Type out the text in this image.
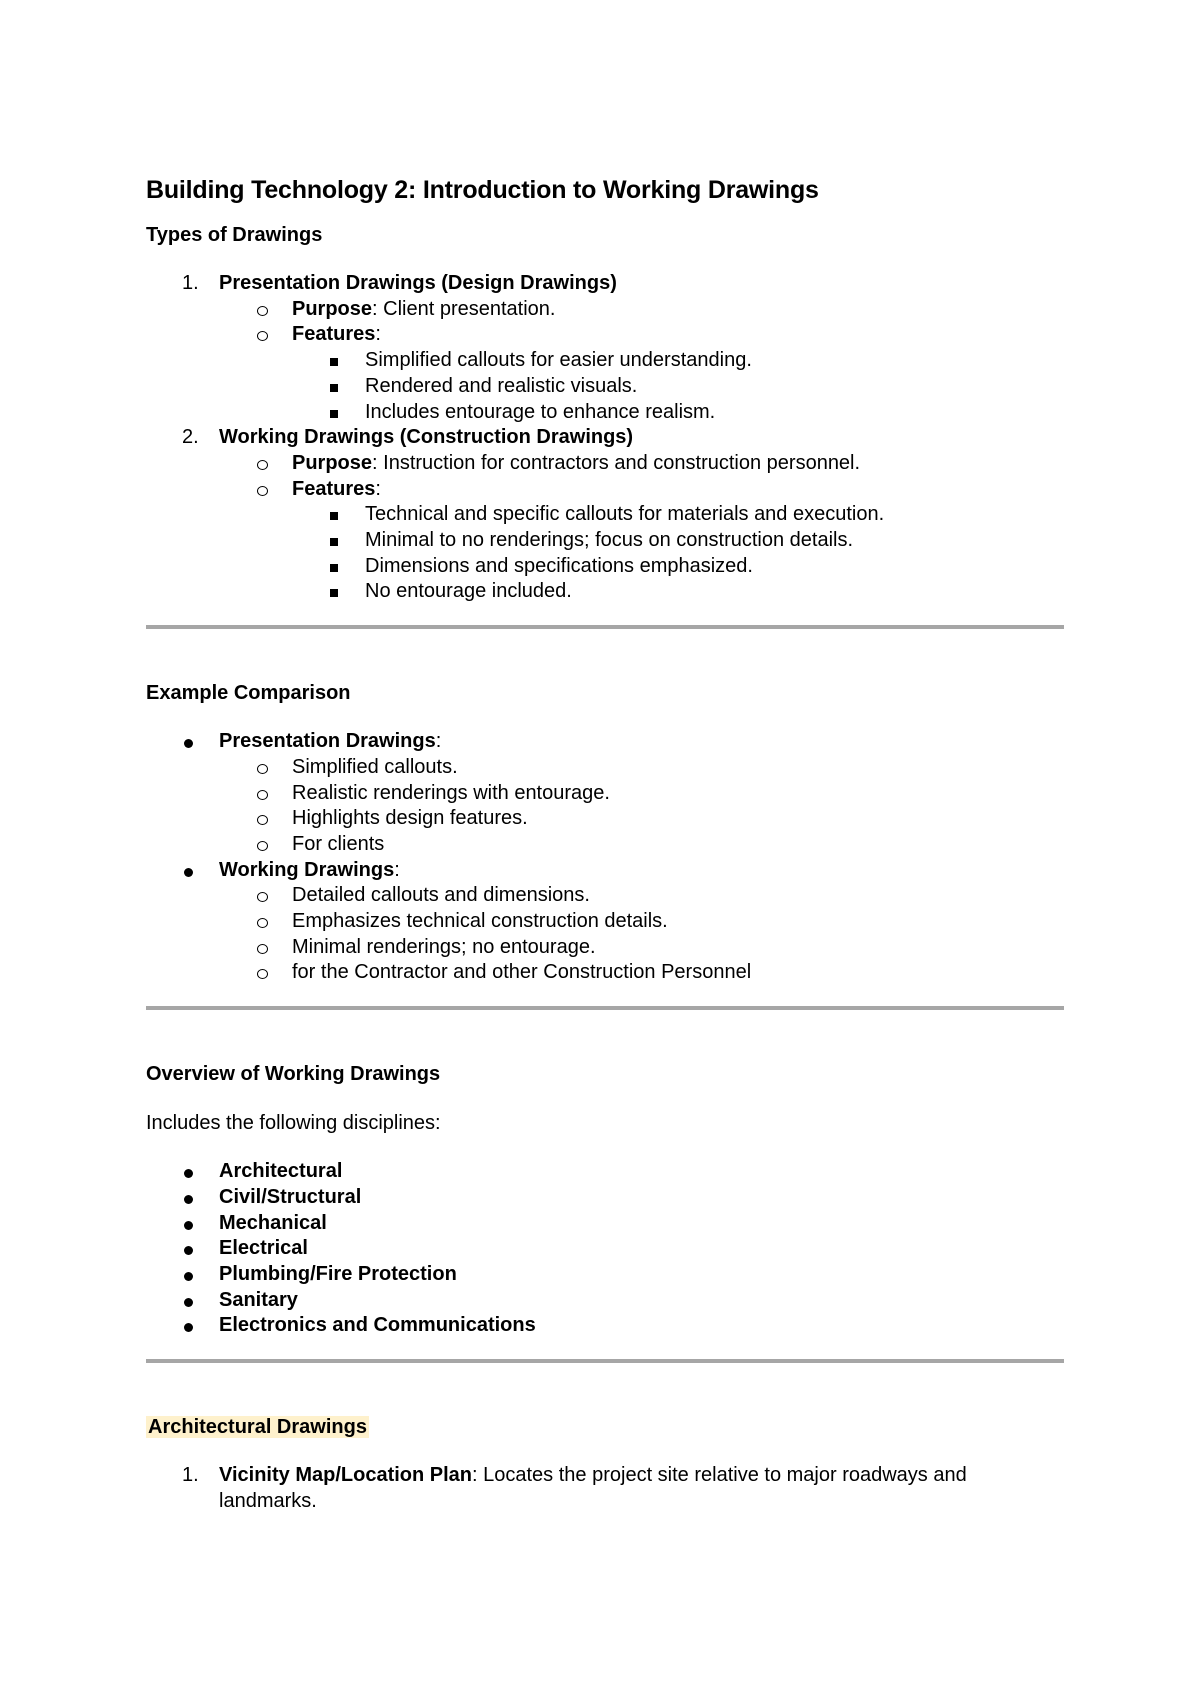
Building Technology 2: Introduction to Working Drawings
Types of Drawings
1.	Presentation Drawings (Design Drawings)
Purpose: Client presentation.
Features:
Simplified callouts for easier understanding.
Rendered and realistic visuals.
Includes entourage to enhance realism.
2.	Working Drawings (Construction Drawings)
Purpose: Instruction for contractors and construction personnel.
Features:
Technical and specific callouts for materials and execution.
Minimal to no renderings; focus on construction details.
Dimensions and specifications emphasized.
No entourage included.
Example Comparison
Presentation Drawings:
Simplified callouts.
Realistic renderings with entourage.
Highlights design features.
For clients
Working Drawings:
Detailed callouts and dimensions.
Emphasizes technical construction details.
Minimal renderings; no entourage.
for the Contractor and other Construction Personnel
Overview of Working Drawings

Includes the following disciplines:

Architectural
Civil/Structural
Mechanical
Electrical
Plumbing/Fire Protection
Sanitary
Electronics and Communications
Architectural Drawings
1.	Vicinity Map/Location Plan: Locates the project site relative to major roadways and landmarks.
